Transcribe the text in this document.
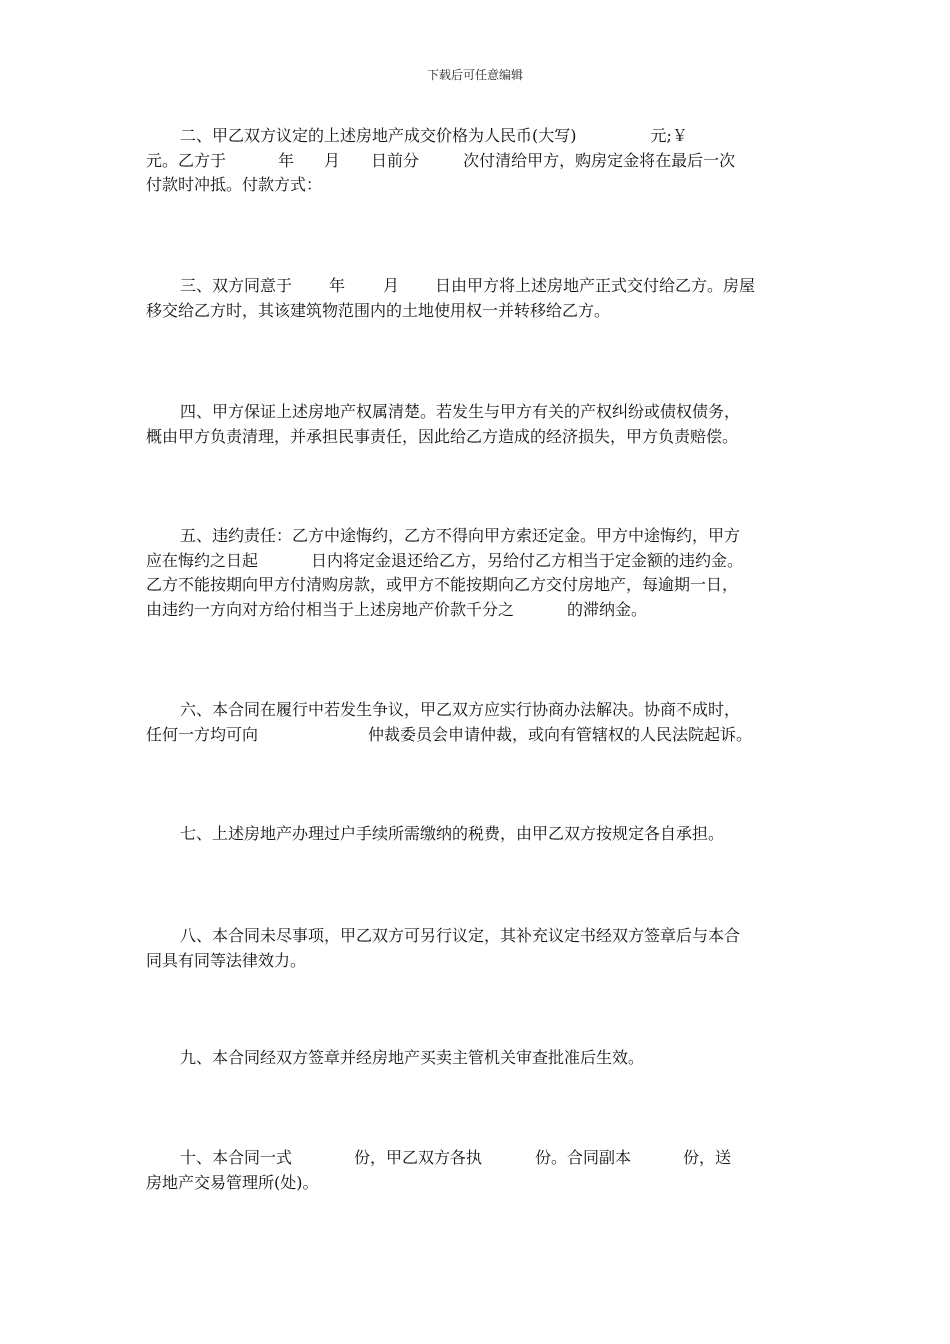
下载后可任意编辑
二、甲乙双方议定的上述房地产成交价格为人民币(大写)	元;￥
元。乙方于	年 月 日前分	次付清给甲方，购房定金将在最后一次
付款时冲抵。付款方式：
三、双方同意于 年 月 日由甲方将上述房地产正式交付给乙方。房屋
移交给乙方时，其该建筑物范围内的土地使用权一并转移给乙方。
四、甲方保证上述房地产权属清楚。若发生与甲方有关的产权纠纷或债权债务，
概由甲方负责清理，并承担民事责任，因此给乙方造成的经济损失，甲方负责赔偿。
五、违约责任：乙方中途悔约，乙方不得向甲方索还定金。甲方中途悔约，甲方
应在悔约之日起	日内将定金退还给乙方，另给付乙方相当于定金额的违约金。
乙方不能按期向甲方付清购房款，或甲方不能按期向乙方交付房地产，每逾期一日，
由违约一方向对方给付相当于上述房地产价款千分之	的滞纳金。
六、本合同在履行中若发生争议，甲乙双方应实行协商办法解决。协商不成时，
任何一方均可向	仲裁委员会申请仲裁，或向有管辖权的人民法院起诉。
七、上述房地产办理过户手续所需缴纳的税费，由甲乙双方按规定各自承担。
八、本合同未尽事项，甲乙双方可另行议定，其补充议定书经双方签章后与本合
同具有同等法律效力。
九、本合同经双方签章并经房地产买卖主管机关审查批准后生效。
十、本合同一式	份，甲乙双方各执	份。合同副本	份，送
房地产交易管理所(处)。
